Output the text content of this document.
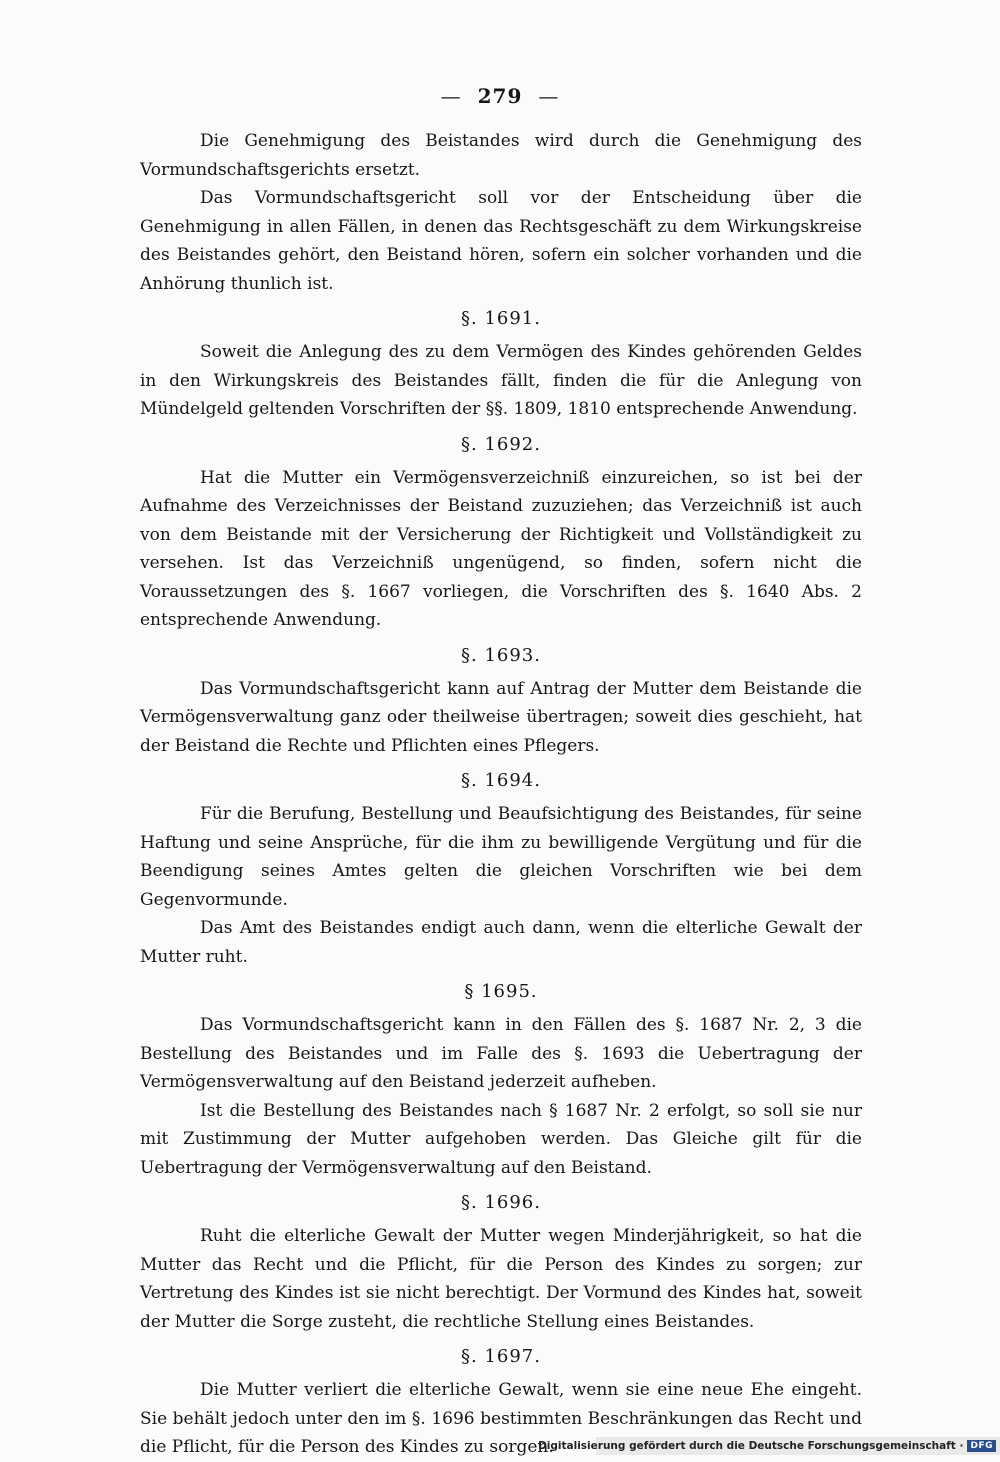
— 279 —

Die Genehmigung des Beistandes wird durch die Genehmigung des Vormundschaftsgerichts ersetzt.

Das Vormundschaftsgericht soll vor der Entscheidung über die Genehmigung in allen Fällen, in denen das Rechtsgeschäft zu dem Wirkungskreise des Beistandes gehört, den Beistand hören, sofern ein solcher vorhanden und die Anhörung thunlich ist.

§. 1691.

Soweit die Anlegung des zu dem Vermögen des Kindes gehörenden Geldes in den Wirkungskreis des Beistandes fällt, finden die für die Anlegung von Mündelgeld geltenden Vorschriften der §§. 1809, 1810 entsprechende Anwendung.

§. 1692.

Hat die Mutter ein Vermögensverzeichniß einzureichen, so ist bei der Aufnahme des Verzeichnisses der Beistand zuzuziehen; das Verzeichniß ist auch von dem Beistande mit der Versicherung der Richtigkeit und Vollständigkeit zu versehen. Ist das Verzeichniß ungenügend, so finden, sofern nicht die Voraussetzungen des §. 1667 vorliegen, die Vorschriften des §. 1640 Abs. 2 entsprechende Anwendung.

§. 1693.

Das Vormundschaftsgericht kann auf Antrag der Mutter dem Beistande die Vermögensverwaltung ganz oder theilweise übertragen; soweit dies geschieht, hat der Beistand die Rechte und Pflichten eines Pflegers.

§. 1694.

Für die Berufung, Bestellung und Beaufsichtigung des Beistandes, für seine Haftung und seine Ansprüche, für die ihm zu bewilligende Vergütung und für die Beendigung seines Amtes gelten die gleichen Vorschriften wie bei dem Gegenvormunde.

Das Amt des Beistandes endigt auch dann, wenn die elterliche Gewalt der Mutter ruht.

§ 1695.

Das Vormundschaftsgericht kann in den Fällen des §. 1687 Nr. 2, 3 die Bestellung des Beistandes und im Falle des §. 1693 die Uebertragung der Vermögensverwaltung auf den Beistand jederzeit aufheben.

Ist die Bestellung des Beistandes nach § 1687 Nr. 2 erfolgt, so soll sie nur mit Zustimmung der Mutter aufgehoben werden. Das Gleiche gilt für die Uebertragung der Vermögensverwaltung auf den Beistand.

§. 1696.

Ruht die elterliche Gewalt der Mutter wegen Minderjährigkeit, so hat die Mutter das Recht und die Pflicht, für die Person des Kindes zu sorgen; zur Vertretung des Kindes ist sie nicht berechtigt. Der Vormund des Kindes hat, soweit der Mutter die Sorge zusteht, die rechtliche Stellung eines Beistandes.

§. 1697.

Die Mutter verliert die elterliche Gewalt, wenn sie eine neue Ehe eingeht. Sie behält jedoch unter den im §. 1696 bestimmten Beschränkungen das Recht und die Pflicht, für die Person des Kindes zu sorgen.

Digitalisierung gefördert durch die Deutsche Forschungsgemeinschaft · DFG
